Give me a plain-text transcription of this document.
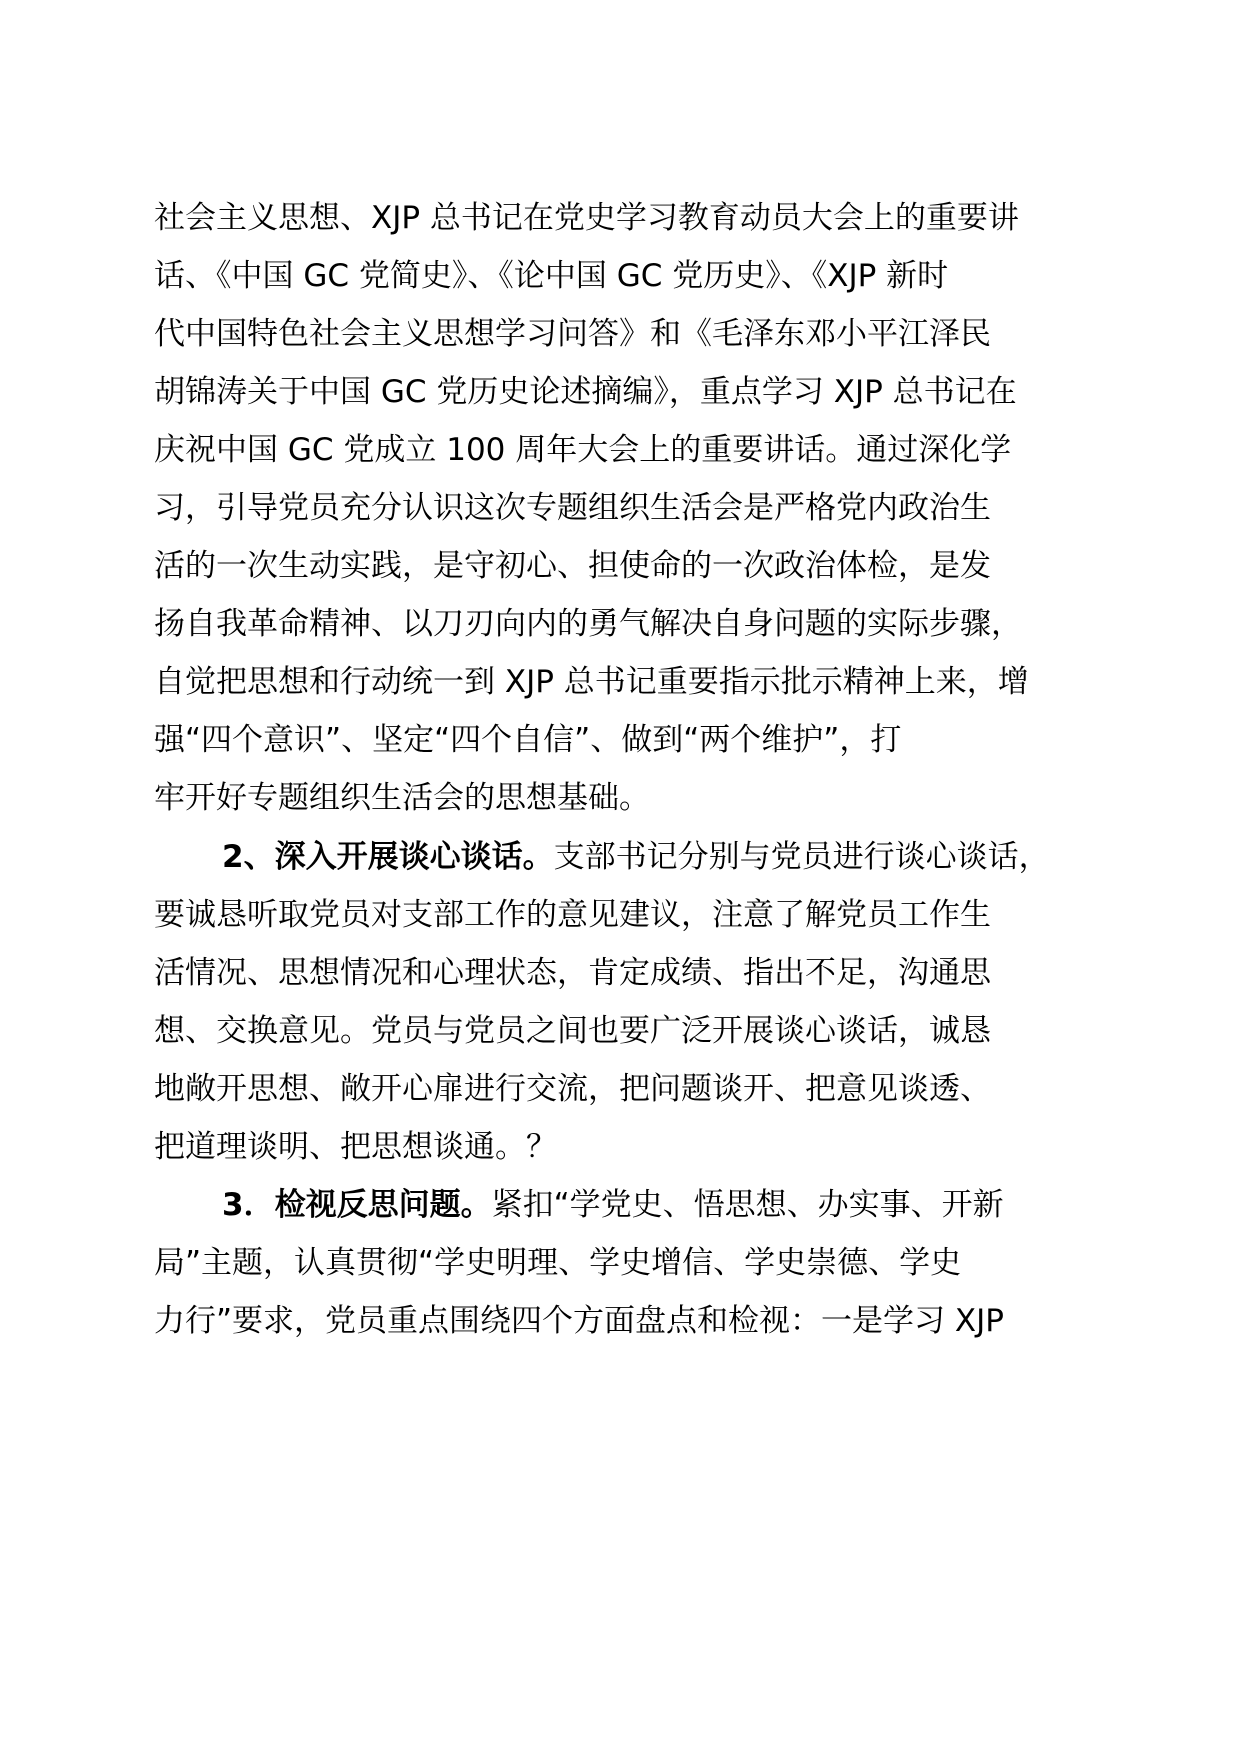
社会主义思想、XJP 总书记在党史学习教育动员大会上的重要讲
话、《中国 GC 党简史》、《论中国 GC 党历史》、《XJP 新时
代中国特色社会主义思想学习问答》和《毛泽东邓小平江泽民
胡锦涛关于中国 GC 党历史论述摘编》，重点学习 XJP 总书记在
庆祝中国 GC 党成立 100 周年大会上的重要讲话。通过深化学
习，引导党员充分认识这次专题组织生活会是严格党内政治生
活的一次生动实践，是守初心、担使命的一次政治体检，是发
扬自我革命精神、以刀刃向内的勇气解决自身问题的实际步骤，
自觉把思想和行动统一到 XJP 总书记重要指示批示精神上来，增
强“四个意识”、坚定“四个自信”、做到“两个维护”，打
牢开好专题组织生活会的思想基础。
2、深入开展谈心谈话。支部书记分别与党员进行谈心谈话，
要诚恳听取党员对支部工作的意见建议，注意了解党员工作生
活情况、思想情况和心理状态，肯定成绩、指出不足，沟通思
想、交换意见。党员与党员之间也要广泛开展谈心谈话，诚恳
地敞开思想、敞开心扉进行交流，把问题谈开、把意见谈透、
把道理谈明、把思想谈通。？
3．检视反思问题。紧扣“学党史、悟思想、办实事、开新
局”主题，认真贯彻“学史明理、学史增信、学史崇德、学史
力行”要求，党员重点围绕四个方面盘点和检视：一是学习 XJP
